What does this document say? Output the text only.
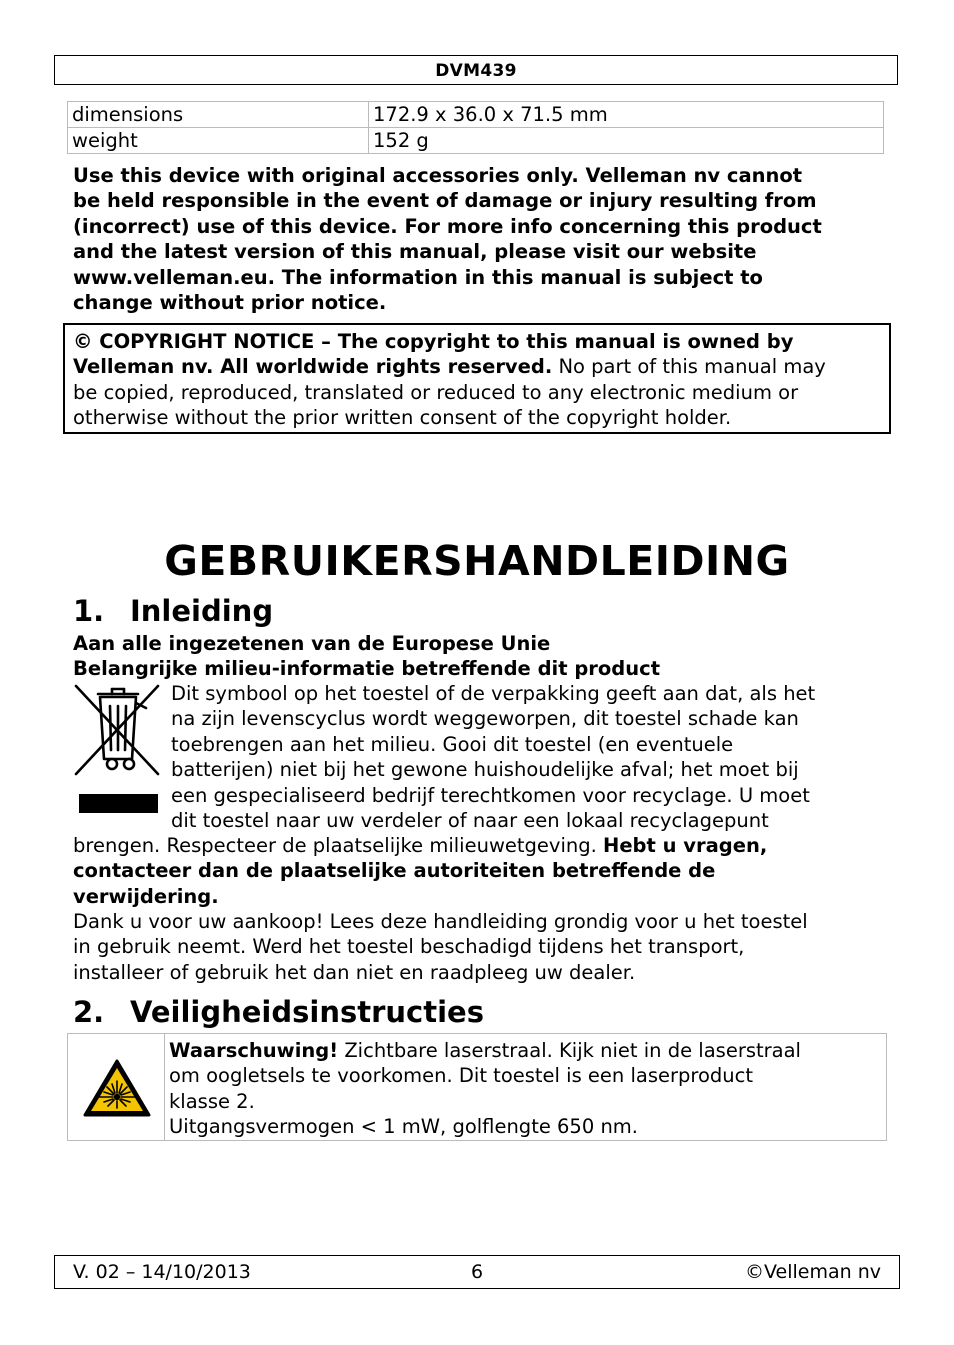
DVM439
dimensions	172.9 x 36.0 x 71.5 mm
weight	152 g
Use this device with original accessories only. Velleman nv cannot
be held responsible in the event of damage or injury resulting from
(incorrect) use of this device. For more info concerning this product
and the latest version of this manual, please visit our website
www.velleman.eu. The information in this manual is subject to
change without prior notice.
© COPYRIGHT NOTICE – The copyright to this manual is owned by
Velleman nv. All worldwide rights reserved. No part of this manual may
be copied, reproduced, translated or reduced to any electronic medium or
otherwise without the prior written consent of the copyright holder.
GEBRUIKERSHANDLEIDING
1. Inleiding
Aan alle ingezetenen van de Europese Unie
Belangrijke milieu-informatie betreffende dit product
Dit symbool op het toestel of de verpakking geeft aan dat, als het
na zijn levenscyclus wordt weggeworpen, dit toestel schade kan
toebrengen aan het milieu. Gooi dit toestel (en eventuele
batterijen) niet bij het gewone huishoudelijke afval; het moet bij
een gespecialiseerd bedrijf terechtkomen voor recyclage. U moet
dit toestel naar uw verdeler of naar een lokaal recyclagepunt
brengen. Respecteer de plaatselijke milieuwetgeving. Hebt u vragen,
contacteer dan de plaatselijke autoriteiten betreffende de
verwijdering.
Dank u voor uw aankoop! Lees deze handleiding grondig voor u het toestel
in gebruik neemt. Werd het toestel beschadigd tijdens het transport,
installeer of gebruik het dan niet en raadpleeg uw dealer.
2. Veiligheidsinstructies
Waarschuwing! Zichtbare laserstraal. Kijk niet in de laserstraal
om oogletsels te voorkomen. Dit toestel is een laserproduct
klasse 2.
Uitgangsvermogen < 1 mW, golflengte 650 nm.
6
V. 02 – 14/10/2013	©Velleman nv
